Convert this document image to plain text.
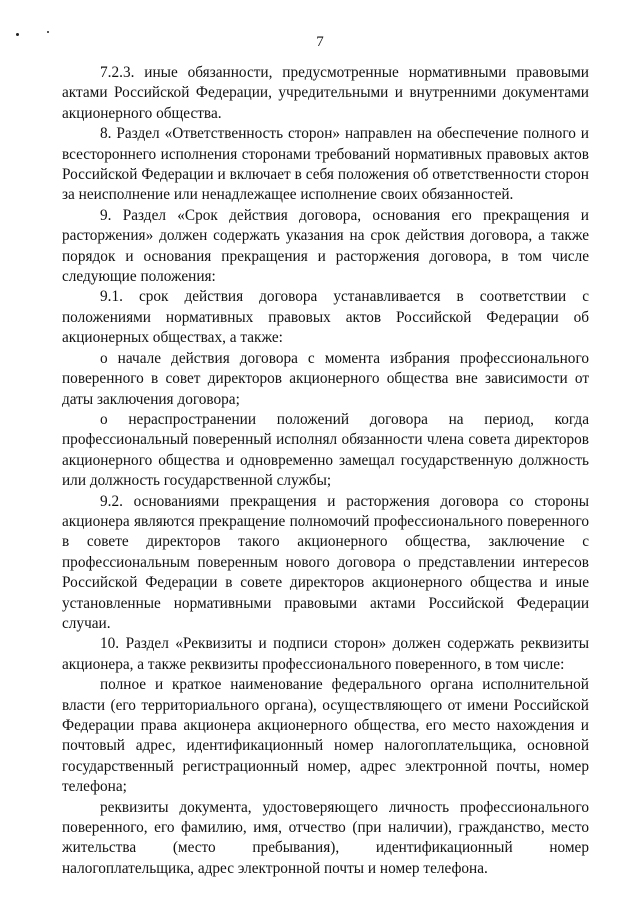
7

7.2.3. иные обязанности, предусмотренные нормативными правовыми актами Российской Федерации, учредительными и внутренними документами акционерного общества.

8. Раздел «Ответственность сторон» направлен на обеспечение полного и всестороннего исполнения сторонами требований нормативных правовых актов Российской Федерации и включает в себя положения об ответственности сторон за неисполнение или ненадлежащее исполнение своих обязанностей.

9. Раздел «Срок действия договора, основания его прекращения и расторжения» должен содержать указания на срок действия договора, а также порядок и основания прекращения и расторжения договора, в том числе следующие положения:

9.1. срок действия договора устанавливается в соответствии с положениями нормативных правовых актов Российской Федерации об акционерных обществах, а также:

о начале действия договора с момента избрания профессионального поверенного в совет директоров акционерного общества вне зависимости от даты заключения договора;

о нераспространении положений договора на период, когда профессиональный поверенный исполнял обязанности члена совета директоров акционерного общества и одновременно замещал государственную должность или должность государственной службы;

9.2. основаниями прекращения и расторжения договора со стороны акционера являются прекращение полномочий профессионального поверенного в совете директоров такого акционерного общества, заключение с профессиональным поверенным нового договора о представлении интересов Российской Федерации в совете директоров акционерного общества и иные установленные нормативными правовыми актами Российской Федерации случаи.

10. Раздел «Реквизиты и подписи сторон» должен содержать реквизиты акционера, а также реквизиты профессионального поверенного, в том числе:

полное и краткое наименование федерального органа исполнительной власти (его территориального органа), осуществляющего от имени Российской Федерации права акционера акционерного общества, его место нахождения и почтовый адрес, идентификационный номер налогоплательщика, основной государственный регистрационный номер, адрес электронной почты, номер телефона;

реквизиты документа, удостоверяющего личность профессионального поверенного, его фамилию, имя, отчество (при наличии), гражданство, место жительства (место пребывания), идентификационный номер налогоплательщика, адрес электронной почты и номер телефона.
